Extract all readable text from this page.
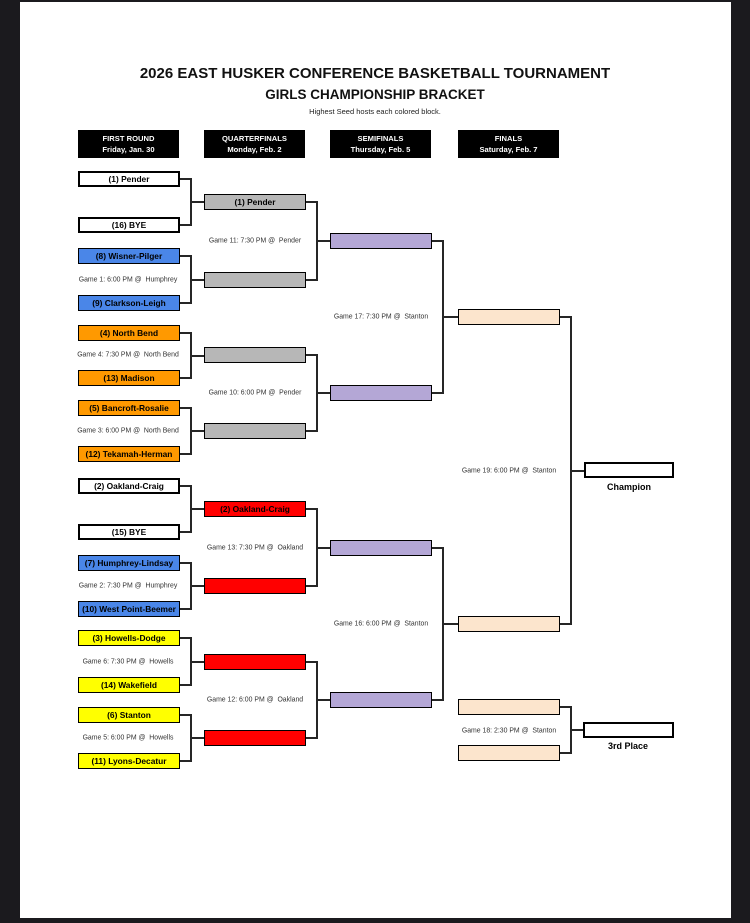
2026 EAST HUSKER CONFERENCE BASKETBALL TOURNAMENT
GIRLS CHAMPIONSHIP BRACKET
Highest Seed hosts each colored block.
FIRST ROUND
Friday, Jan. 30
QUARTERFINALS
Monday, Feb. 2
SEMIFINALS
Thursday, Feb. 5
FINALS
Saturday, Feb. 7
(1) Pender
(16) BYE
(8) Wisner-Pilger
(9) Clarkson-Leigh
(4) North Bend
(13) Madison
(5) Bancroft-Rosalie
(12) Tekamah-Herman
(2) Oakland-Craig
(15) BYE
(7) Humphrey-Lindsay
(10) West Point-Beemer
(3) Howells-Dodge
(14) Wakefield
(6) Stanton
(11) Lyons-Decatur
(1) Pender
(2) Oakland-Craig
Game 1: 6:00 PM @  Humphrey
Game 4: 7:30 PM @  North Bend
Game 3: 6:00 PM @  North Bend
Game 2: 7:30 PM @  Humphrey
Game 6: 7:30 PM @  Howells
Game 5: 6:00 PM @  Howells
Game 11: 7:30 PM @  Pender
Game 10: 6:00 PM @  Pender
Game 13: 7:30 PM @  Oakland
Game 12: 6:00 PM @  Oakland
Game 17: 7:30 PM @  Stanton
Game 16: 6:00 PM @  Stanton
Game 19: 6:00 PM @  Stanton
Game 18: 2:30 PM @  Stanton
Champion
3rd Place
